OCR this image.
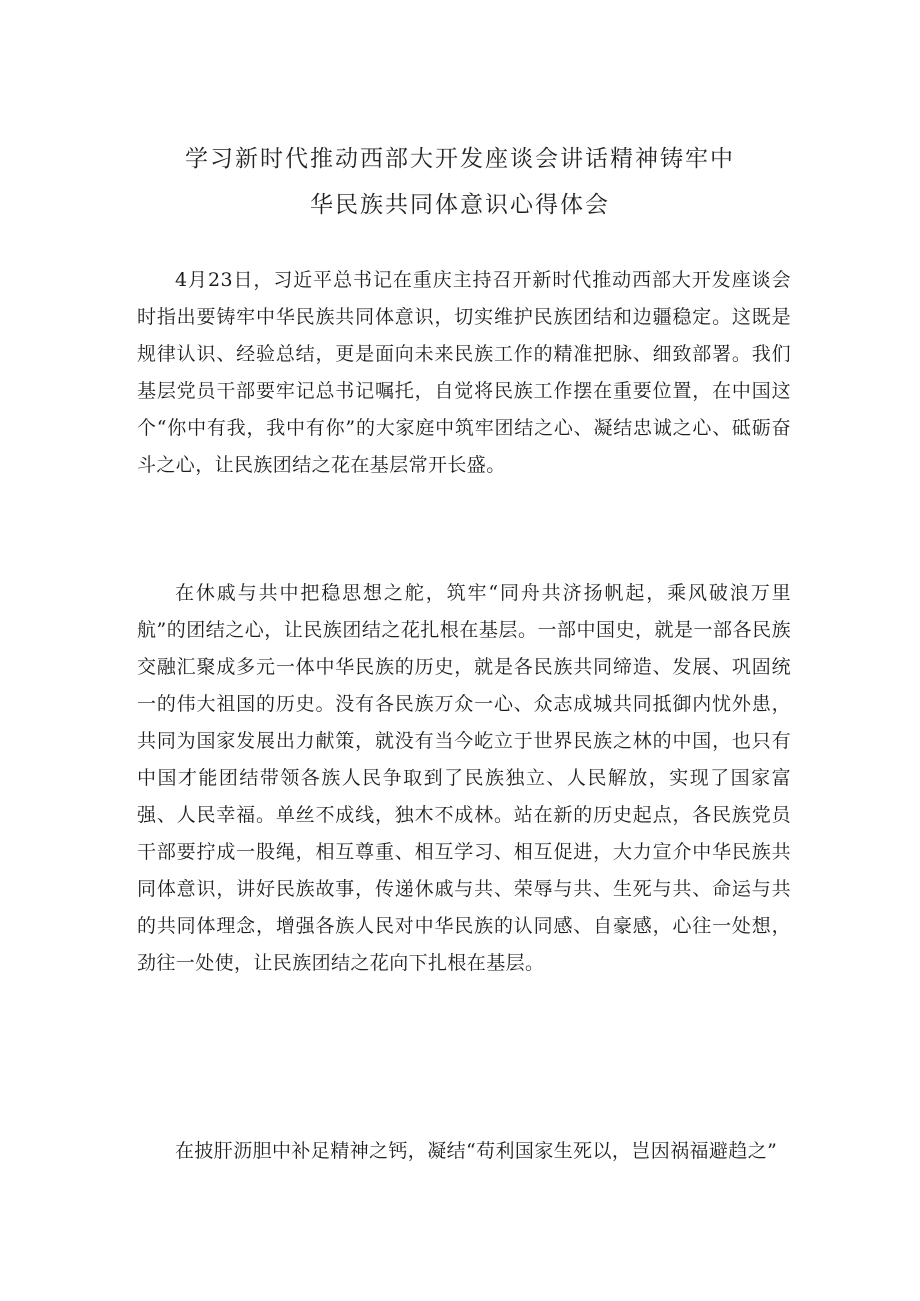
学习新时代推动西部大开发座谈会讲话精神铸牢中
华民族共同体意识心得体会

4月23日，习近平总书记在重庆主持召开新时代推动西部大开发座谈会时指出要铸牢中华民族共同体意识，切实维护民族团结和边疆稳定。这既是规律认识、经验总结，更是面向未来民族工作的精准把脉、细致部署。我们基层党员干部要牢记总书记嘱托，自觉将民族工作摆在重要位置，在中国这个“你中有我，我中有你”的大家庭中筑牢团结之心、凝结忠诚之心、砥砺奋斗之心，让民族团结之花在基层常开长盛。

在休戚与共中把稳思想之舵，筑牢“同舟共济扬帆起，乘风破浪万里航”的团结之心，让民族团结之花扎根在基层。一部中国史，就是一部各民族交融汇聚成多元一体中华民族的历史，就是各民族共同缔造、发展、巩固统一的伟大祖国的历史。没有各民族万众一心、众志成城共同抵御内忧外患，共同为国家发展出力献策，就没有当今屹立于世界民族之林的中国，也只有中国才能团结带领各族人民争取到了民族独立、人民解放，实现了国家富强、人民幸福。单丝不成线，独木不成林。站在新的历史起点，各民族党员干部要拧成一股绳，相互尊重、相互学习、相互促进，大力宣介中华民族共同体意识，讲好民族故事，传递休戚与共、荣辱与共、生死与共、命运与共的共同体理念，增强各族人民对中华民族的认同感、自豪感，心往一处想，劲往一处使，让民族团结之花向下扎根在基层。

在披肝沥胆中补足精神之钙，凝结“苟利国家生死以，岂因祸福避趋之”
